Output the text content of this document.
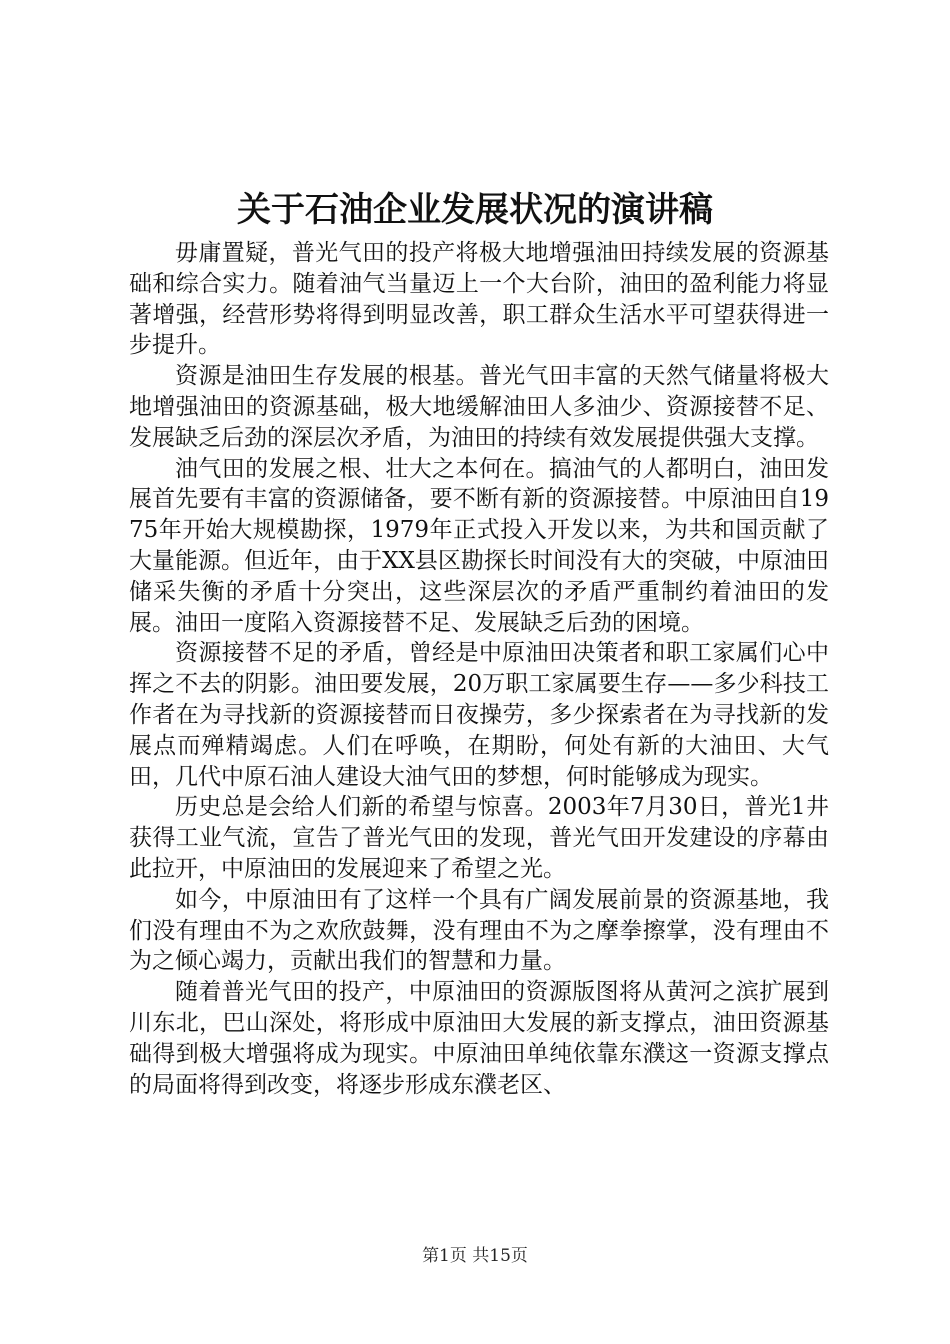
关于石油企业发展状况的演讲稿

毋庸置疑，普光气田的投产将极大地增强油田持续发展的资源基础和综合实力。随着油气当量迈上一个大台阶，油田的盈利能力将显著增强，经营形势将得到明显改善，职工群众生活水平可望获得进一步提升。

资源是油田生存发展的根基。普光气田丰富的天然气储量将极大地增强油田的资源基础，极大地缓解油田人多油少、资源接替不足、发展缺乏后劲的深层次矛盾，为油田的持续有效发展提供强大支撑。

油气田的发展之根、壮大之本何在。搞油气的人都明白，油田发展首先要有丰富的资源储备，要不断有新的资源接替。中原油田自1975年开始大规模勘探，1979年正式投入开发以来，为共和国贡献了大量能源。但近年，由于XX县区勘探长时间没有大的突破，中原油田储采失衡的矛盾十分突出，这些深层次的矛盾严重制约着油田的发展。油田一度陷入资源接替不足、发展缺乏后劲的困境。

资源接替不足的矛盾，曾经是中原油田决策者和职工家属们心中挥之不去的阴影。油田要发展，20万职工家属要生存——多少科技工作者在为寻找新的资源接替而日夜操劳，多少探索者在为寻找新的发展点而殚精竭虑。人们在呼唤，在期盼，何处有新的大油田、大气田，几代中原石油人建设大油气田的梦想，何时能够成为现实。

历史总是会给人们新的希望与惊喜。2003年7月30日，普光1井获得工业气流，宣告了普光气田的发现，普光气田开发建设的序幕由此拉开，中原油田的发展迎来了希望之光。

如今，中原油田有了这样一个具有广阔发展前景的资源基地，我们没有理由不为之欢欣鼓舞，没有理由不为之摩拳擦掌，没有理由不为之倾心竭力，贡献出我们的智慧和力量。

随着普光气田的投产，中原油田的资源版图将从黄河之滨扩展到川东北，巴山深处，将形成中原油田大发展的新支撑点，油田资源基础得到极大增强将成为现实。中原油田单纯依靠东濮这一资源支撑点的局面将得到改变，将逐步形成东濮老区、

第1页 共15页
